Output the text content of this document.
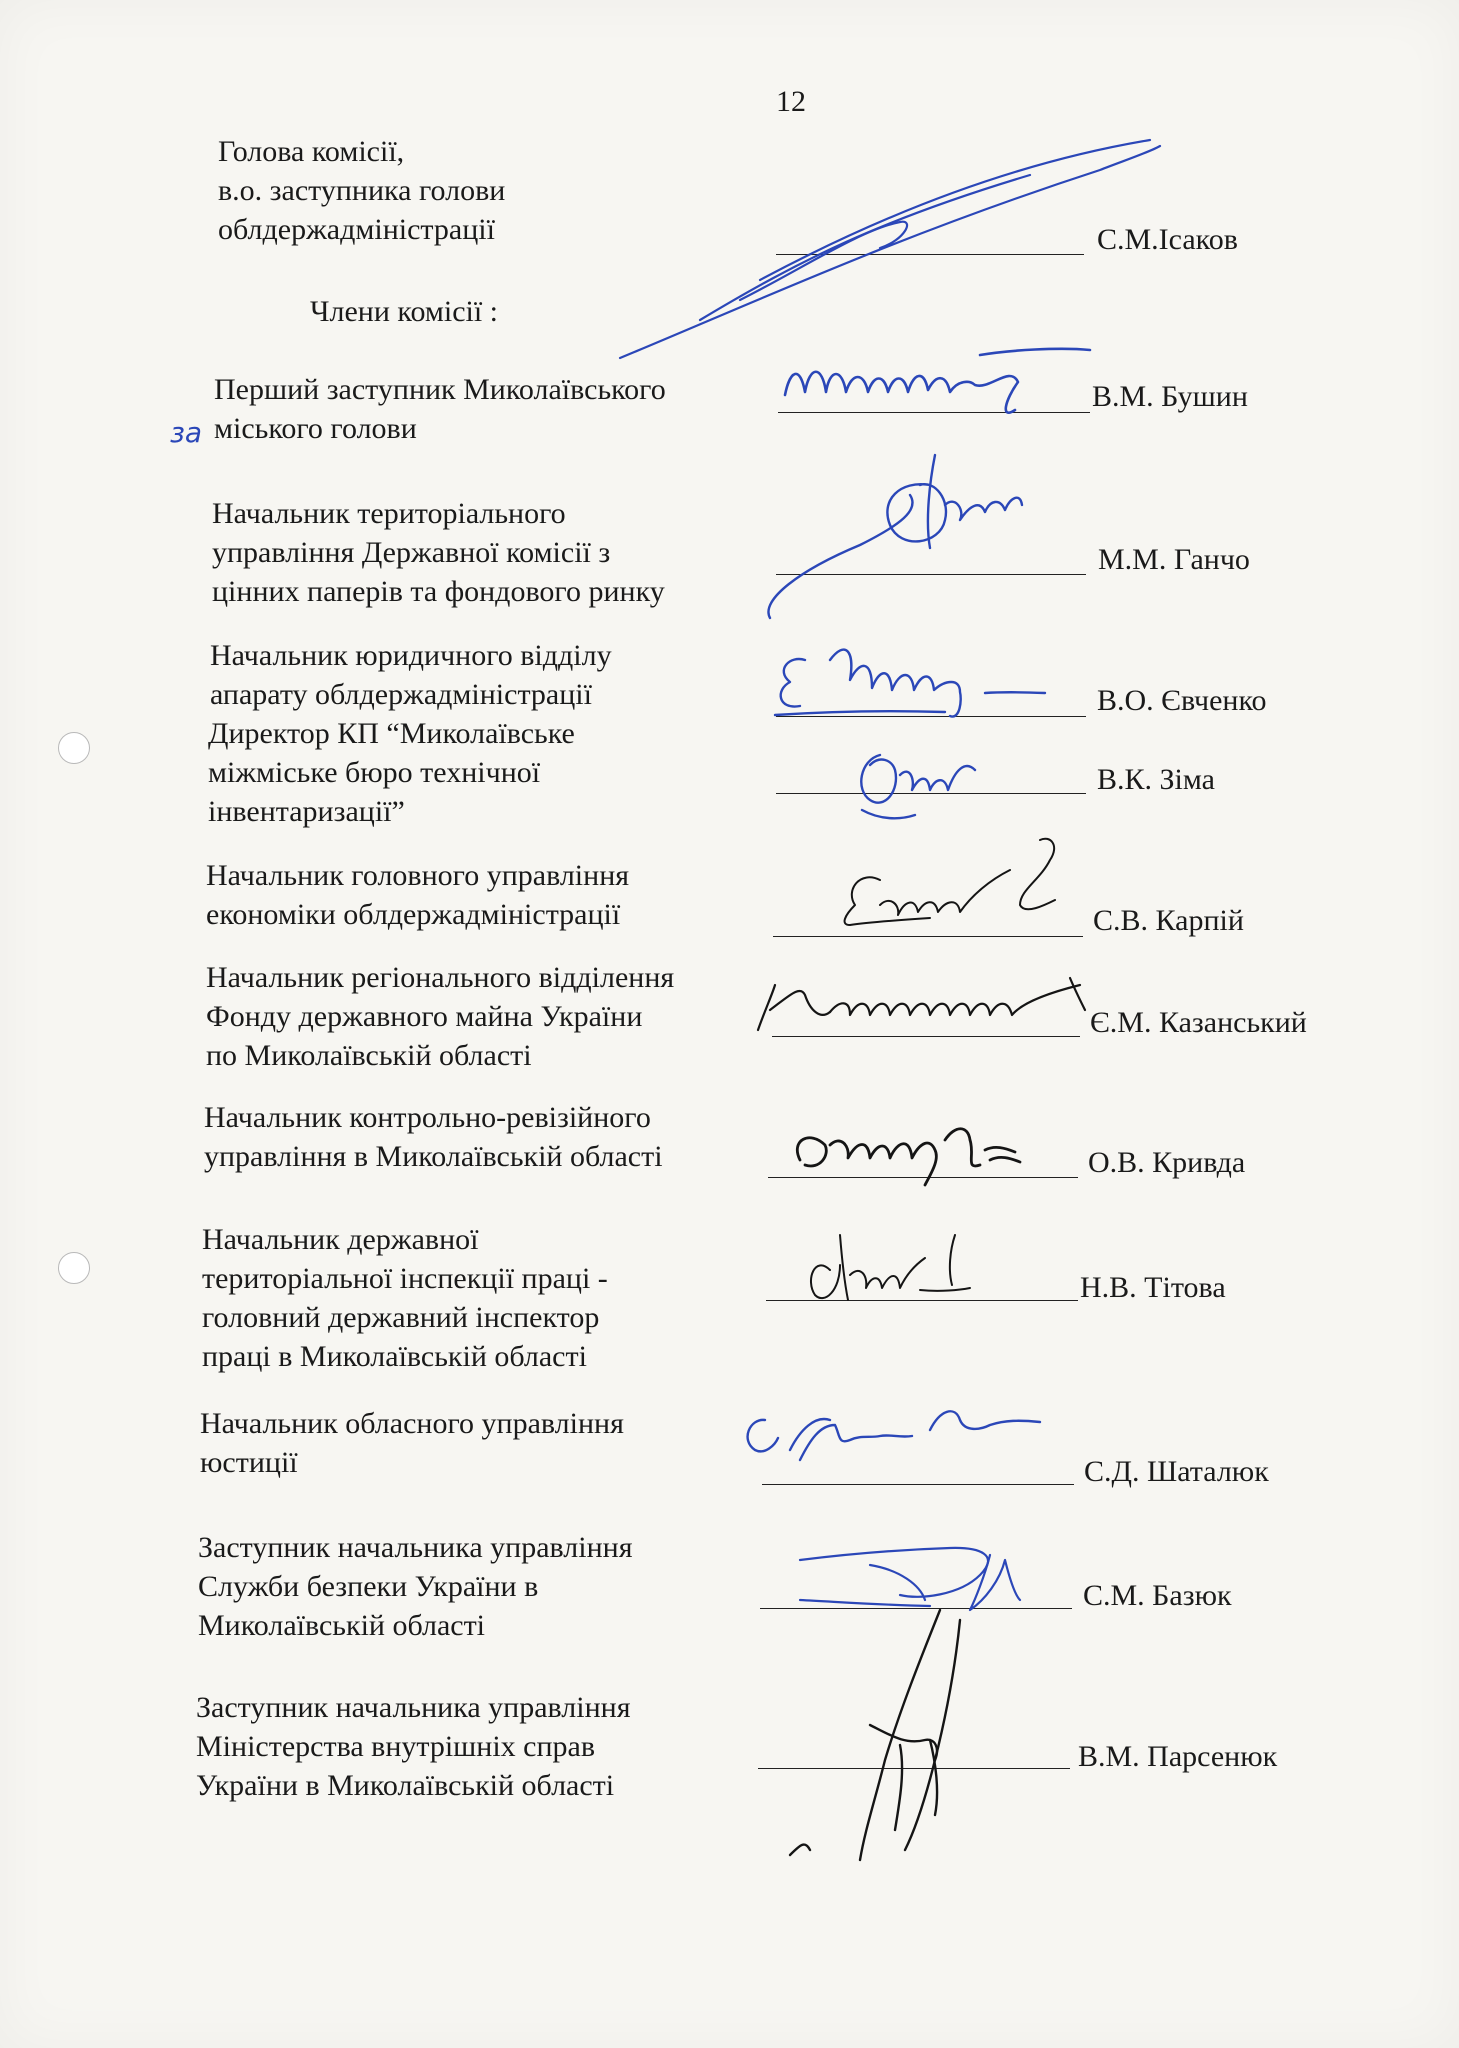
12
Голова комісії,
в.о. заступника голови
облдержадміністрації	С.М.Ісаков
Члени комісії :
Перший заступник Миколаївського
міського голови
В.М. Бушин
Начальник територіального
управління Державної комісії з
цінних паперів та фондового ринку
М.М. Ганчо
Начальник юридичного відділу
апарату облдержадміністрації	В.О. Євченко
Директор КП “Миколаївське
міжміське бюро технічної
інвентаризації”
В.К. Зіма
Начальник головного управління
економіки облдержадміністрації	С.В. Карпій
Начальник регіонального відділення
Фонду державного майна України
по Миколаївській області
Є.М. Казанський
Начальник контрольно-ревізійного
управління в Миколаївській області	О.В. Кривда
Начальник державної
територіальної інспекції праці -
головний державний інспектор
праці в Миколаївській області
Н.В. Тітова
Начальник обласного управління
юстиції	С.Д. Шаталюк
Заступник начальника управління
Служби безпеки України в
Миколаївській області
С.М. Базюк
Заступник начальника управління
Міністерства внутрішніх справ
України в Миколаївській області
В.М. Парсенюк
за
